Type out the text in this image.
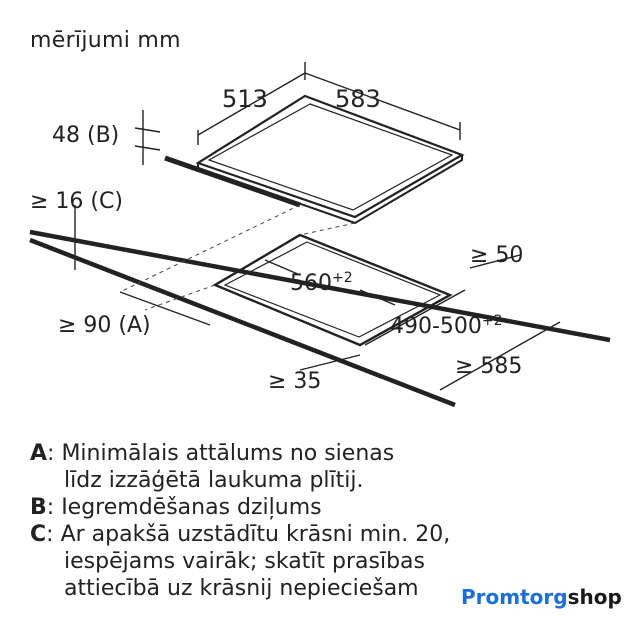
mērījumi mm
513	583
48 (B)
≥ 16 (C)
$560^{+2}$
$490-500^{+2}$
≥ 50
≥ 585
≥ 90 (A)
≥ 35
A: Minimālais attālums no sienas
līdz izzāģētā laukuma plītij.
B: Iegremdēšanas dziļums
C: Ar apakšā uzstādītu krāsni min. 20,
iespējams vairāk; skatīt prasības
attiecībā uz krāsnij nepieciešam	Promtorgshop
